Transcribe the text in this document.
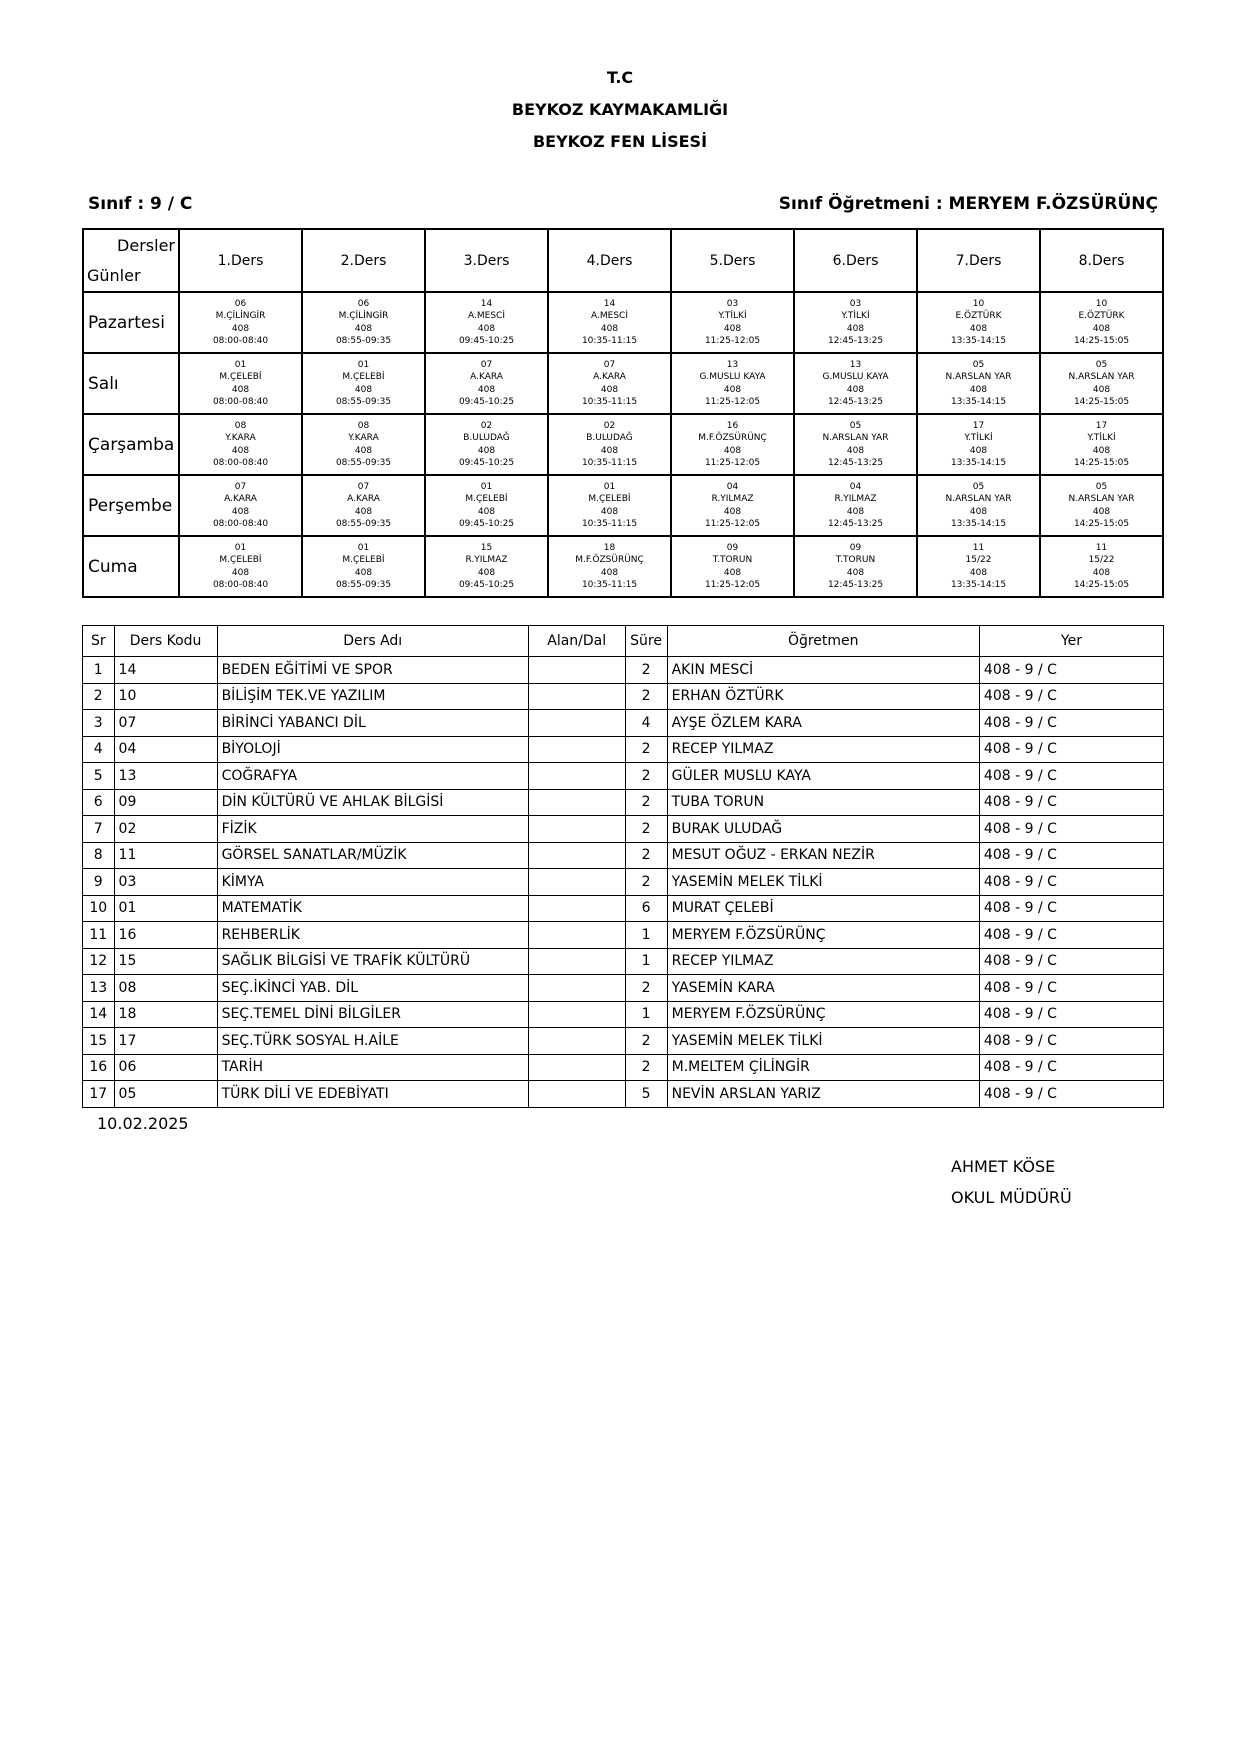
T.C
BEYKOZ KAYMAKAMLIĞI
BEYKOZ FEN LİSESİ
Sınıf : 9 / C	Sınıf Öğretmeni : MERYEM F.ÖZSÜRÜNÇ
Dersler
Günler	1.Ders	2.Ders	3.Ders	4.Ders	5.Ders	6.Ders	7.Ders	8.Ders
Pazartesi	06
M.ÇİLİNGİR
408
08:00-08:40	06
M.ÇİLİNGİR
408
08:55-09:35	14
A.MESCİ
408
09:45-10:25	14
A.MESCİ
408
10:35-11:15	03
Y.TİLKİ
408
11:25-12:05	03
Y.TİLKİ
408
12:45-13:25	10
E.ÖZTÜRK
408
13:35-14:15	10
E.ÖZTÜRK
408
14:25-15:05

Salı	01
M.ÇELEBİ
408
08:00-08:40	01
M.ÇELEBİ
408
08:55-09:35	07
A.KARA
408
09:45-10:25	07
A.KARA
408
10:35-11:15	13
G.MUSLU KAYA
408
11:25-12:05	13
G.MUSLU KAYA
408
12:45-13:25	05
N.ARSLAN YAR
408
13:35-14:15	05
N.ARSLAN YAR
408
14:25-15:05

Çarşamba	08
Y.KARA
408
08:00-08:40	08
Y.KARA
408
08:55-09:35	02
B.ULUDAĞ
408
09:45-10:25	02
B.ULUDAĞ
408
10:35-11:15	16
M.F.ÖZSÜRÜNÇ
408
11:25-12:05	05
N.ARSLAN YAR
408
12:45-13:25	17
Y.TİLKİ
408
13:35-14:15	17
Y.TİLKİ
408
14:25-15:05

Perşembe	07
A.KARA
408
08:00-08:40	07
A.KARA
408
08:55-09:35	01
M.ÇELEBİ
408
09:45-10:25	01
M.ÇELEBİ
408
10:35-11:15	04
R.YILMAZ
408
11:25-12:05	04
R.YILMAZ
408
12:45-13:25	05
N.ARSLAN YAR
408
13:35-14:15	05
N.ARSLAN YAR
408
14:25-15:05

Cuma	01
M.ÇELEBİ
408
08:00-08:40	01
M.ÇELEBİ
408
08:55-09:35	15
R.YILMAZ
408
09:45-10:25	18
M.F.ÖZSÜRÜNÇ
408
10:35-11:15	09
T.TORUN
408
11:25-12:05	09
T.TORUN
408
12:45-13:25	11
15/22
408
13:35-14:15	11
15/22
408
14:25-15:05
Sr	Ders Kodu	Ders Adı	Alan/Dal	Süre	Öğretmen	Yer
1	14	BEDEN EĞİTİMİ VE SPOR		2	AKIN MESCİ	408 - 9 / C
2	10	BİLİŞİM TEK.VE YAZILIM		2	ERHAN ÖZTÜRK	408 - 9 / C
3	07	BİRİNCİ YABANCI DİL		4	AYŞE ÖZLEM KARA	408 - 9 / C
4	04	BİYOLOJİ		2	RECEP YILMAZ	408 - 9 / C
5	13	COĞRAFYA		2	GÜLER MUSLU KAYA	408 - 9 / C
6	09	DİN KÜLTÜRÜ VE AHLAK BİLGİSİ		2	TUBA TORUN	408 - 9 / C
7	02	FİZİK		2	BURAK ULUDAĞ	408 - 9 / C
8	11	GÖRSEL SANATLAR/MÜZİK		2	MESUT OĞUZ - ERKAN NEZİR	408 - 9 / C
9	03	KİMYA		2	YASEMİN MELEK TİLKİ	408 - 9 / C
10	01	MATEMATİK		6	MURAT ÇELEBİ	408 - 9 / C
11	16	REHBERLİK		1	MERYEM F.ÖZSÜRÜNÇ	408 - 9 / C
12	15	SAĞLIK BİLGİSİ VE TRAFİK KÜLTÜRÜ		1	RECEP YILMAZ	408 - 9 / C
13	08	SEÇ.İKİNCİ YAB. DİL		2	YASEMİN KARA	408 - 9 / C
14	18	SEÇ.TEMEL DİNİ BİLGİLER		1	MERYEM F.ÖZSÜRÜNÇ	408 - 9 / C
15	17	SEÇ.TÜRK SOSYAL H.AİLE		2	YASEMİN MELEK TİLKİ	408 - 9 / C
16	06	TARİH		2	M.MELTEM ÇİLİNGİR	408 - 9 / C
17	05	TÜRK DİLİ VE EDEBİYATI		5	NEVİN ARSLAN YARIZ	408 - 9 / C
10.02.2025
AHMET KÖSE
OKUL MÜDÜRÜ
